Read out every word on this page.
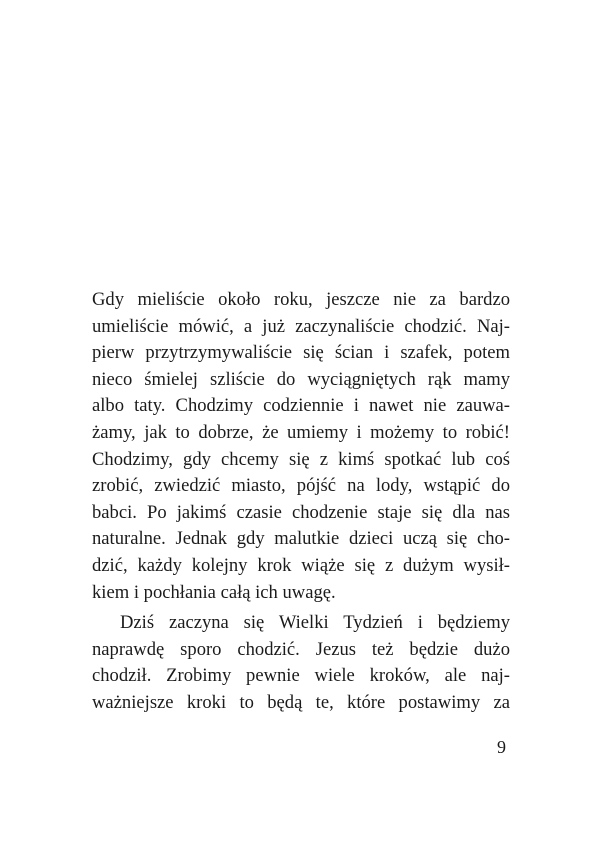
Gdy mieliście około roku, jeszcze nie za bardzo
umieliście mówić, a już zaczynaliście chodzić. Naj-
pierw przytrzymywaliście się ścian i szafek, potem
nieco śmielej szliście do wyciągniętych rąk mamy
albo taty. Chodzimy codziennie i nawet nie zauwa-
żamy, jak to dobrze, że umiemy i możemy to robić!
Chodzimy, gdy chcemy się z kimś spotkać lub coś
zrobić, zwiedzić miasto, pójść na lody, wstąpić do
babci. Po jakimś czasie chodzenie staje się dla nas
naturalne. Jednak gdy malutkie dzieci uczą się cho-
dzić, każdy kolejny krok wiąże się z dużym wysił-
kiem i pochłania całą ich uwagę.
Dziś zaczyna się Wielki Tydzień i będziemy
naprawdę sporo chodzić. Jezus też będzie dużo
chodził. Zrobimy pewnie wiele kroków, ale naj-
ważniejsze kroki to będą te, które postawimy za
9
